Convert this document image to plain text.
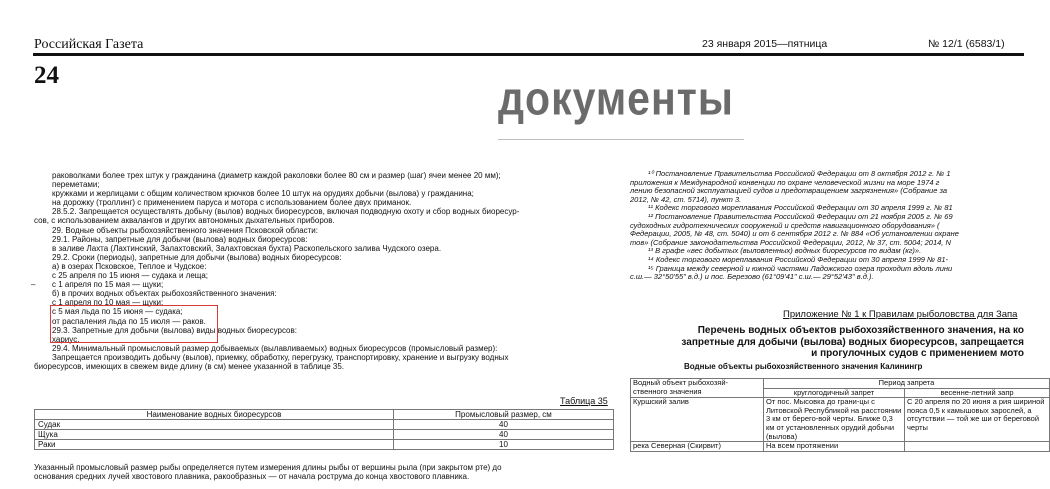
Российская Газета	23 января 2015—пятница	№ 12/1 (6583/1)
24	документы
раковолками более трех штук у гражданина (диаметр каждой раколовки более 80 см и размер (шаг) ячеи менее 20 мм);
переметами;
кружками и жерлицами с общим количеством крючков более 10 штук на орудиях добычи (вылова) у гражданина;
на дорожку (троллинг) с применением паруса и мотора с использованием более двух приманок.
28.5.2. Запрещается осуществлять добычу (вылов) водных биоресурсов, включая подводную охоту и сбор водных биоресур-
сов, с использованием аквалангов и других автономных дыхательных приборов.
29. Водные объекты рыбохозяйственного значения Псковской области:
29.1. Районы, запретные для добычи (вылова) водных биоресурсов:
в заливе Лахта (Лахтинский, Залахтовский, Залахтовская бухта) Раскопельского залива Чудского озера.
29.2. Сроки (периоды), запретные для добычи (вылова) водных биоресурсов:
а) в озерах Псковское, Теплое и Чудское:
с 25 апреля по 15 июня — судака и леща;
‒ с 1 апреля по 15 мая — щуки;
б) в прочих водных объектах рыбохозяйственного значения:
с 1 апреля по 10 мая — щуки;
с 5 мая льда по 15 июня — судака;
от распаления льда по 15 июля — раков.
29.3. Запретные для добычи (вылова) виды водных биоресурсов:
хариус.
29.4. Минимальный промысловый размер добываемых (вылавливаемых) водных биоресурсов (промысловый размер):
Запрещается производить добычу (вылов), приемку, обработку, перегрузку, транспортировку, хранение и выгрузку водных
биоресурсов, имеющих в свежем виде длину (в см) менее указанной в таблице 35.
Таблица 35
Наименование водных биоресурсов	Промысловый размер, см
Судак	40
Щука	40
Раки	10
Указанный промысловый размер рыбы определяется путем измерения длины рыбы от вершины рыла (при закрытом рте) до
основания средних лучей хвостового плавника, ракообразных — от начала рострума до конца хвостового плавника.
¹⁰ Постановление Правительства Российской Федерации от 8 октября 2012 г. № 1
приложения к Международной конвенции по охране человеческой жизни на море 1974 г
лению безопасной эксплуатацией судов и предотвращением загрязнения» (Собрание за
2012, № 42, ст. 5714), пункт 3.
¹¹ Кодекс торгового мореплавания Российской Федерации от 30 апреля 1999 г. № 81
¹² Постановление Правительства Российской Федерации от 21 ноября 2005 г. № 69
судоходных гидротехнических сооружений и средств навигационного оборудования» (
Федерации, 2005, № 48, ст. 5040) и от 6 сентября 2012 г. № 884 «Об установлении охране
тов» (Собрание законодательства Российской Федерации, 2012, № 37, ст. 5004; 2014, N
¹³ В графе «вес добытых (выловленных) водных биоресурсов по видам (кг)».
¹⁴ Кодекс торгового мореплавания Российской Федерации от 30 апреля 1999 № 81-
¹⁵ Граница между северной и южной частями Ладожского озера проходит вдоль лини
с.ш.— 32°50'55" в.д.) и пос. Березово (61°09'41" с.ш.— 29°52'43" в.д.).
Приложение № 1 к Правилам рыболовства для Запа
Перечень водных объектов рыбохозяйственного значения, на ко
запретные для добычи (вылова) водных биоресурсов, запрещается
и прогулочных судов с применением мото
Водные объекты рыбохозяйственного значения Калинингр
Водный объект рыбохозяй-ственного значения	Период запрета	
	круглогодичный запрет	весенне-летний запр
Куршский залив	От пос. Мысовка до грани-цы с Литовской Республикой на расстоянии 3 км от берего-вой черты. Ближе 0,3 км от установленных орудий добычи (вылова)	С 20 апреля по 20 июня а рия шириной пояса 0,5 к камышовых зарослей, а отсутствии — той же ши от береговой черты
река Северная (Скирвит)	На всем протяжении	
